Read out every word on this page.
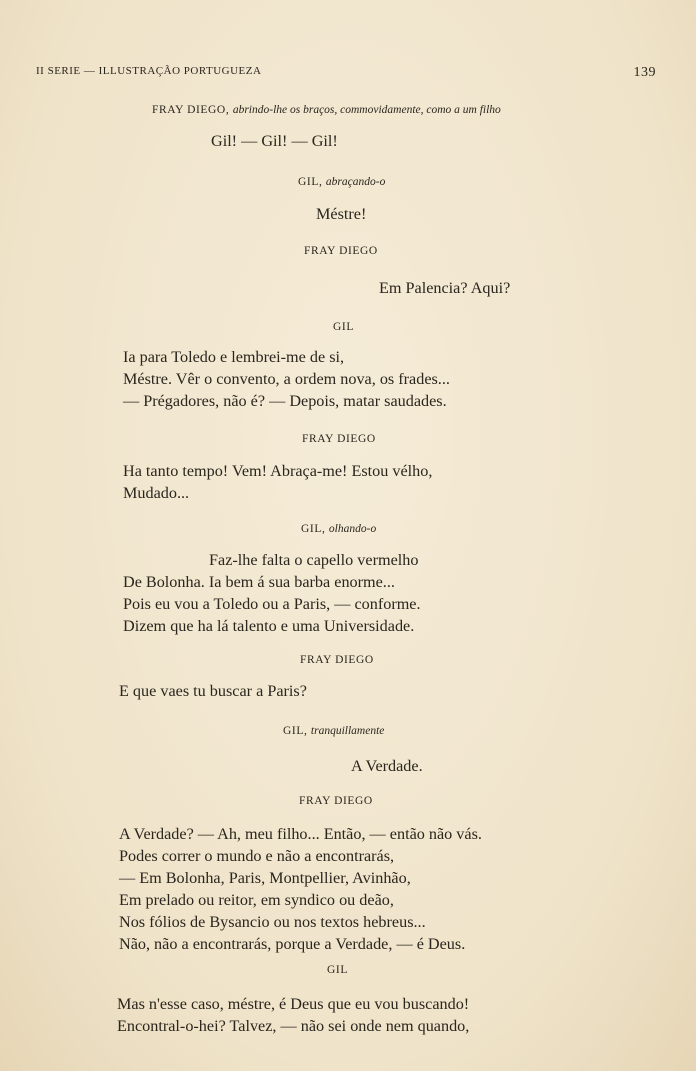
II SERIE — ILLUSTRAÇÃO PORTUGUEZA	139
FRAY DIEGO, abrindo-lhe os braços, commovidamente, como a um filho
Gil! — Gil! — Gil!
GIL, abraçando-o
Méstre!
FRAY DIEGO
Em Palencia? Aqui?
GIL
Ia para Toledo e lembrei-me de si,
Méstre. Vêr o convento, a ordem nova, os frades...
— Prégadores, não é? — Depois, matar saudades.
FRAY DIEGO
Ha tanto tempo! Vem! Abraça-me! Estou vélho,
Mudado...
GIL, olhando-o
Faz-lhe falta o capello vermelho
De Bolonha. Ia bem á sua barba enorme...
Pois eu vou a Toledo ou a Paris, — conforme.
Dizem que ha lá talento e uma Universidade.
FRAY DIEGO
E que vaes tu buscar a Paris?
GIL, tranquillamente
A Verdade.
FRAY DIEGO
A Verdade? — Ah, meu filho... Então, — então não vás.
Podes correr o mundo e não a encontrarás,
— Em Bolonha, Paris, Montpellier, Avinhão,
Em prelado ou reitor, em syndico ou deão,
Nos fólios de Bysancio ou nos textos hebreus...
Não, não a encontrarás, porque a Verdade, — é Deus.
GIL
Mas n'esse caso, méstre, é Deus que eu vou buscando!
Encontral-o-hei? Talvez, — não sei onde nem quando,
